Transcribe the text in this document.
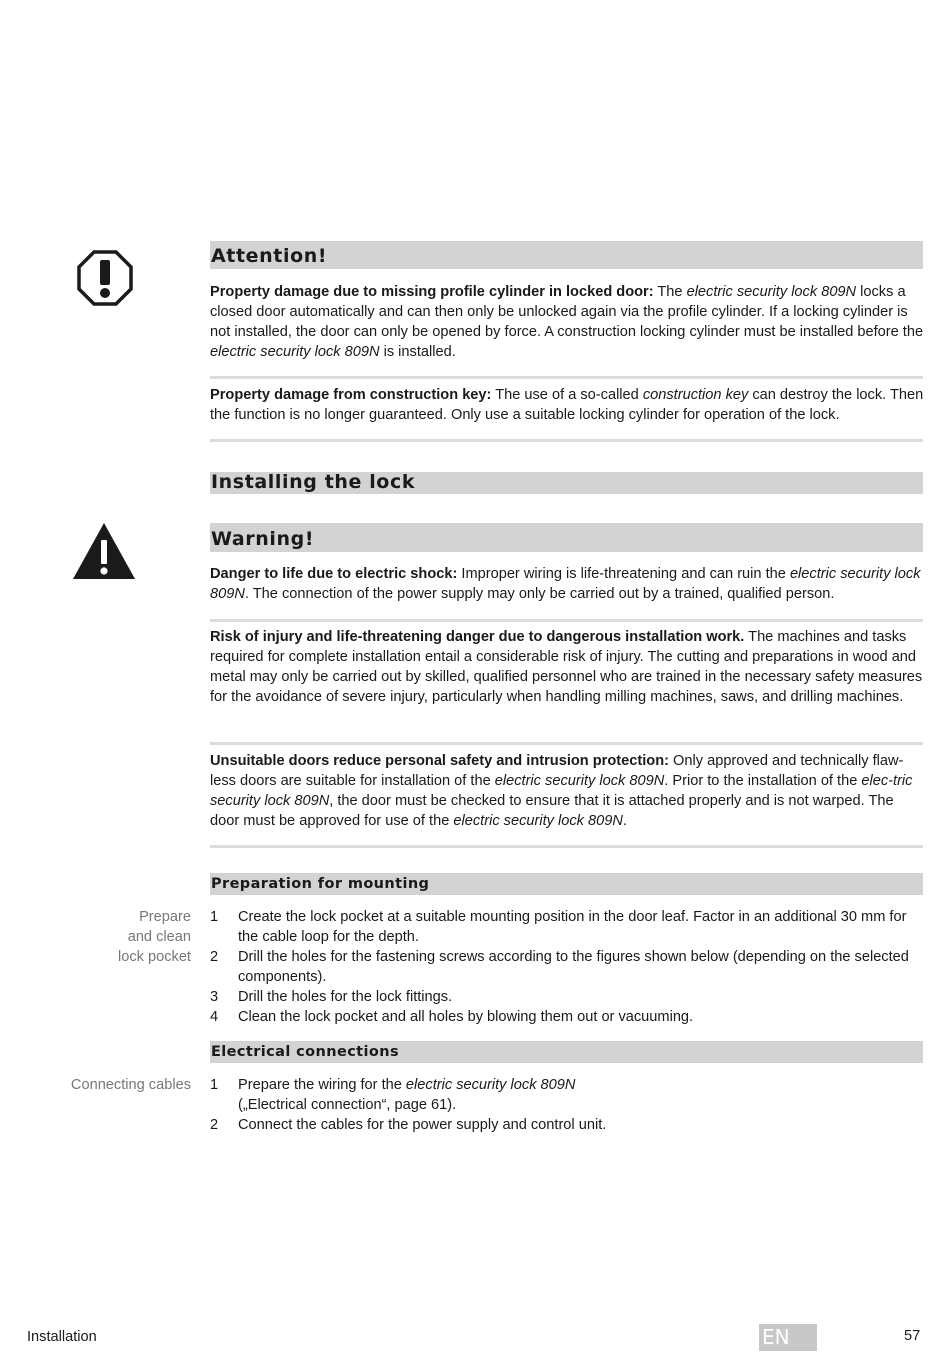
Attention!

Property damage due to missing profile cylinder in locked door: The electric security lock 809N locks a closed door automatically and can then only be unlocked again via the profile cylinder. If a locking cylinder is not installed, the door can only be opened by force. A construction locking cylinder must be installed before the electric security lock 809N is installed.

Property damage from construction key: The use of a so-called construction key can destroy the lock. Then the function is no longer guaranteed. Only use a suitable locking cylinder for operation of the lock.

Installing the lock
Warning!

Danger to life due to electric shock: Improper wiring is life-threatening and can ruin the electric security lock 809N. The connection of the power supply may only be carried out by a trained, qualified person.

Risk of injury and life-threatening danger due to dangerous installation work. The machines and tasks required for complete installation entail a considerable risk of injury. The cutting and preparations in wood and metal may only be carried out by skilled, qualified personnel who are trained in the necessary safety measures for the avoidance of severe injury, particularly when handling milling machines, saws, and drilling machines.

Unsuitable doors reduce personal safety and intrusion protection: Only approved and technically flaw-less doors are suitable for installation of the electric security lock 809N. Prior to the installation of the elec-tric security lock 809N, the door must be checked to ensure that it is attached properly and is not warped. The door must be approved for use of the electric security lock 809N.

Preparation for mounting
Prepare
and clean
lock pocket
1 Create the lock pocket at a suitable mounting position in the door leaf. Factor in an additional 30 mm for the cable loop for the depth.
2 Drill the holes for the fastening screws according to the figures shown below (depending on the selected components).
3 Drill the holes for the lock fittings.
4 Clean the lock pocket and all holes by blowing them out or vacuuming.
Electrical connections
Connecting cables 1 Prepare the wiring for the electric security lock 809N
(„Electrical connection“, page 61).
2 Connect the cables for the power supply and control unit.
Installation	EN	57
